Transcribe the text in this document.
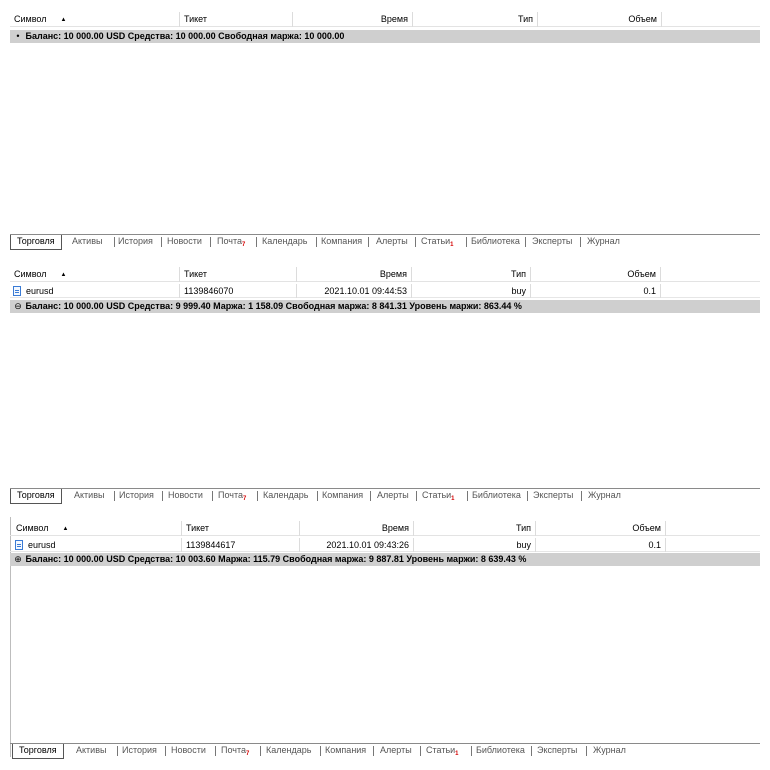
Символ ▲	Тикет	Время	Тип	Объем
• Баланс: 10 000.00 USD Средства: 10 000.00 Свободная маржа: 10 000.00
Торговля	Активы История Новости Почта$_7$ Календарь Компания Алерты Статьи$_1$ Библиотека Эксперты Журнал
Символ ▲	Тикет	Время	Тип	Объем
eurusd	1139846070	2021.10.01 09:44:53	buy	0.1
⊖ Баланс: 10 000.00 USD Средства: 9 999.40 Маржа: 1 158.09 Свободная маржа: 8 841.31 Уровень маржи: 863.44 %
Торговля	Активы История Новости Почта$_7$ Календарь Компания Алерты Статьи$_1$ Библиотека Эксперты Журнал
Символ ▲	Тикет	Время	Тип	Объем
eurusd	1139844617	2021.10.01 09:43:26	buy	0.1
⊕ Баланс: 10 000.00 USD Средства: 10 003.60 Маржа: 115.79 Свободная маржа: 9 887.81 Уровень маржи: 8 639.43 %
Торговля	Активы История Новости Почта$_7$ Календарь Компания Алерты Статьи$_1$ Библиотека Эксперты Журнал
